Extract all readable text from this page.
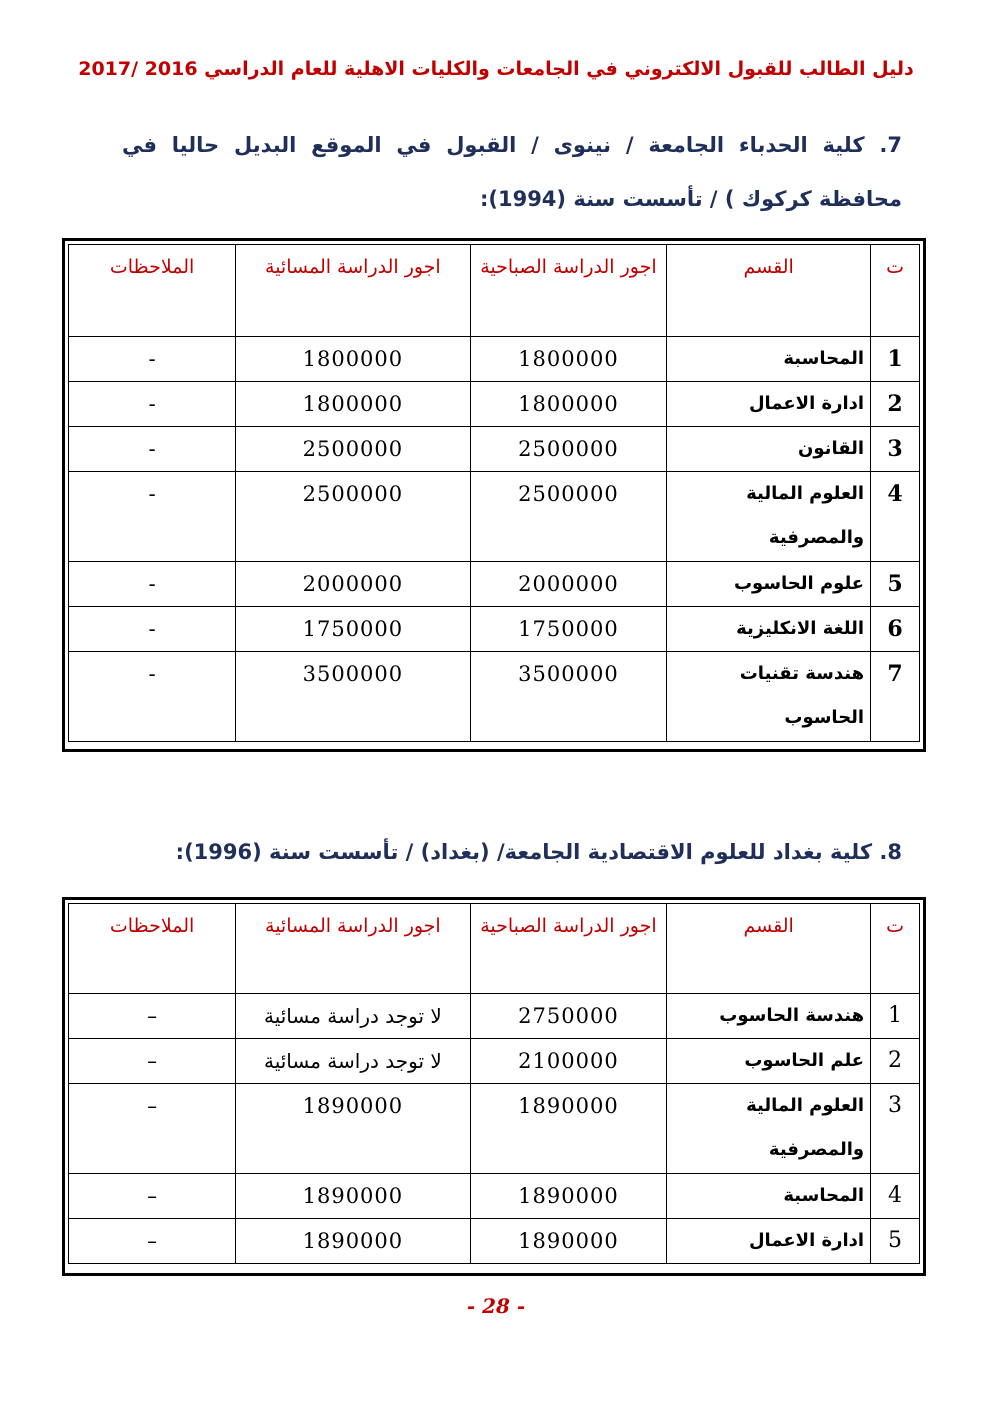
دليل الطالب للقبول الالكتروني في الجامعات والكليات الاهلية للعام الدراسي 2016 /2017
7. كلية الحدباء الجامعة / نينوى / القبول في الموقع البديل حاليا في محافظة كركوك ) / تأسست سنة (1994):
ت	القسم	اجور الدراسة الصباحية	اجور الدراسة المسائية	الملاحظات
1	المحاسبة	1800000	1800000	-
2	ادارة الاعمال	1800000	1800000	-
3	القانون	2500000	2500000	-
4	العلوم المالية والمصرفية	2500000	2500000	-
5	علوم الحاسوب	2000000	2000000	-
6	اللغة الانكليزية	1750000	1750000	-
7	هندسة تقنيات الحاسوب	3500000	3500000	-
8. كلية بغداد للعلوم الاقتصادية الجامعة/ (بغداد) / تأسست سنة (1996):
ت	القسم	اجور الدراسة الصباحية	اجور الدراسة المسائية	الملاحظات
1	هندسة الحاسوب	2750000	لا توجد دراسة مسائية	–
2	علم الحاسوب	2100000	لا توجد دراسة مسائية	–
3	العلوم المالية والمصرفية	1890000	1890000	–
4	المحاسبة	1890000	1890000	–
5	ادارة الاعمال	1890000	1890000	–
- 28 -
